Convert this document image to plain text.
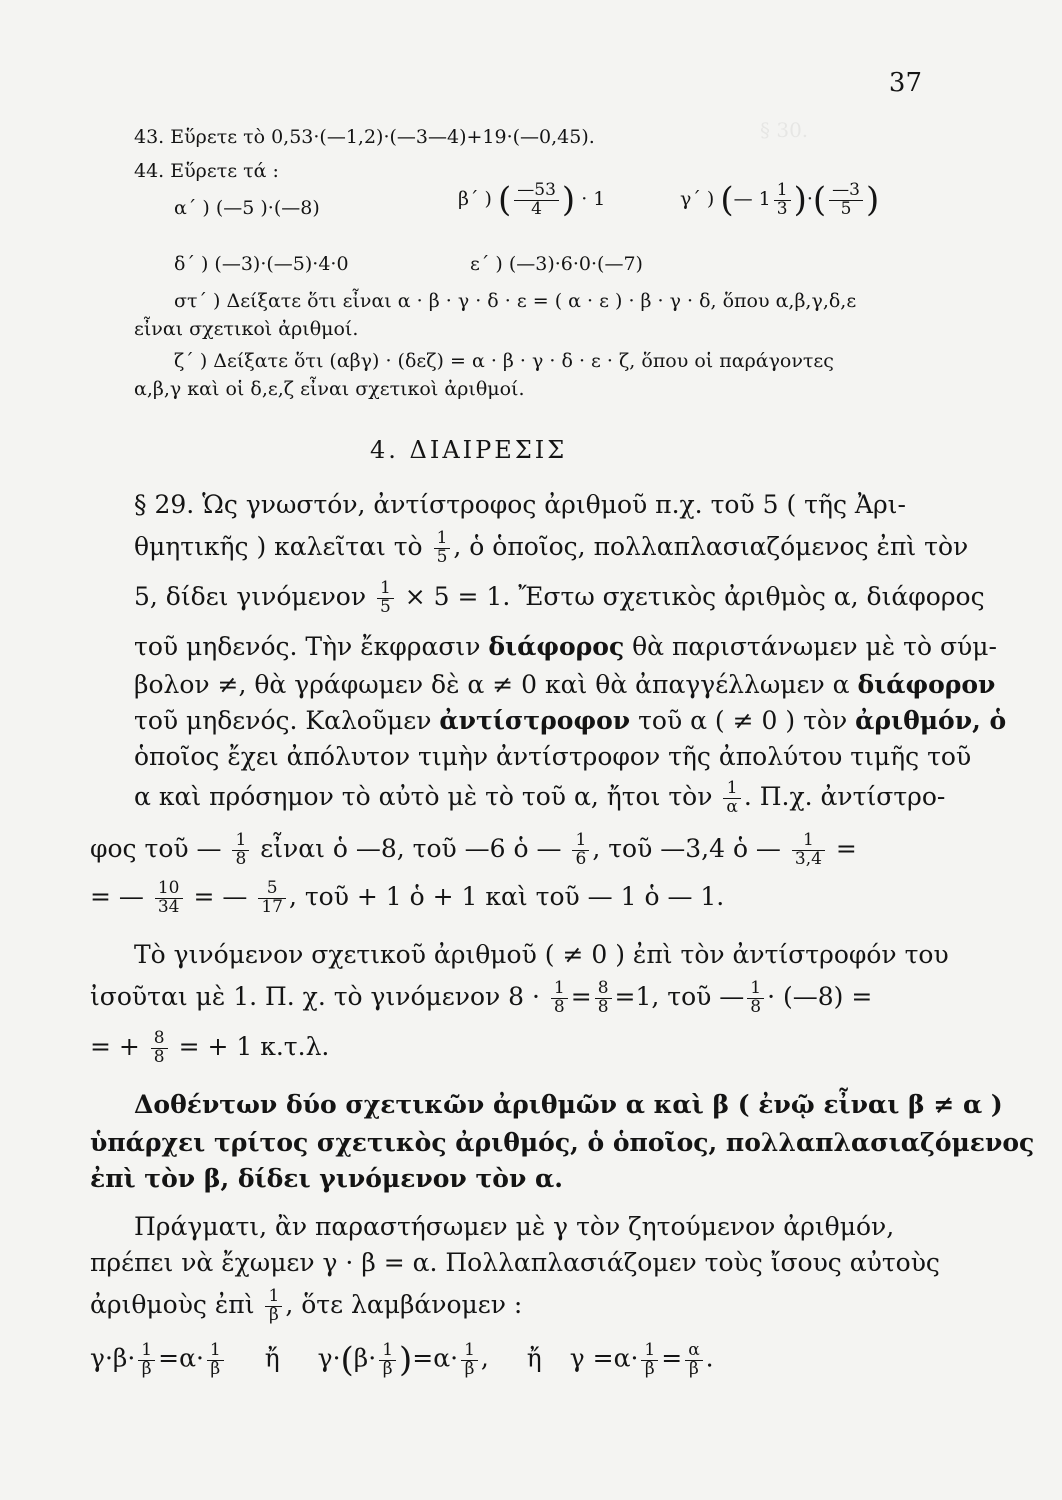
§ 30.
37
43. Εὕρετε τὸ 0,53·(—1,2)·(—3—4)+19·(—0,45).
44. Εὕρετε τά :
α΄ ) (—5 )·(—8)	β΄ ) ( $\frac{—53}{4}$ ) · 1	γ΄ ) (— $1 \frac{1}{3}$ )·( $\frac{—3}{5}$ )
δ΄ ) (—3)·(—5)·4·0	ε΄ ) (—3)·6·0·(—7)
στ΄ ) Δείξατε ὅτι εἶναι α · β · γ · δ · ε = ( α · ε ) · β · γ · δ, ὅπου α,β,γ,δ,ε
εἶναι σχετικοὶ ἀριθμοί.
ζ΄ ) Δείξατε ὅτι (αβγ) · (δεζ) = α · β · γ · δ · ε · ζ, ὅπου οἱ παράγοντες
α,β,γ καὶ οἱ δ,ε,ζ εἶναι σχετικοὶ ἀριθμοί.
4. ΔΙΑΙΡΕΣΙΣ
§ 29. Ὡς γνωστόν, ἀντίστροφος ἀριθμοῦ π.χ. τοῦ 5 ( τῆς Ἀρι-
θμητικῆς ) καλεῖται τὸ $\frac{1}{5}$ , ὁ ὁποῖος, πολλαπλασιαζόμενος ἐπὶ τὸν
5, δίδει γινόμενον $\frac{1}{5} \times 5 = 1$. Ἔστω σχετικὸς ἀριθμὸς α, διάφορος
τοῦ μηδενός. Τὴν ἔκφρασιν διάφορος θὰ παριστάνωμεν μὲ τὸ σύμ-
βολον ≠, θὰ γράφωμεν δὲ α ≠ 0 καὶ θὰ ἀπαγγέλλωμεν α διάφορον
τοῦ μηδενός. Καλοῦμεν ἀντίστροφον τοῦ α ( ≠ 0 ) τὸν ἀριθμόν, ὁ
ὁποῖος ἔχει ἀπόλυτον τιμὴν ἀντίστροφον τῆς ἀπολύτου τιμῆς τοῦ
α καὶ πρόσημον τὸ αὐτὸ μὲ τὸ τοῦ α, ἤτοι τὸν $\frac{1}{\alpha}$ . Π.χ. ἀντίστρο-
φος τοῦ — $\frac{1}{8}$ εἶναι ὁ —8, τοῦ —6 ὁ — $\frac{1}{6}$ , τοῦ —3,4 ὁ — $\frac{1}{3,4}$ =
= — $\frac{10}{34}$ = — $\frac{5}{17}$ , τοῦ + 1 ὁ + 1 καὶ τοῦ — 1 ὁ — 1.
Τὸ γινόμενον σχετικοῦ ἀριθμοῦ ( ≠ 0 ) ἐπὶ τὸν ἀντίστροφόν του
ἰσοῦται μὲ 1. Π. χ. τὸ γινόμενον $8 \cdot \frac{1}{8} = \frac{8}{8} =1$, τοῦ — $\frac{1}{8}$ · (—8) =
= + $\frac{8}{8}$ = + 1 κ.τ.λ.
Δοθέντων δύο σχετικῶν ἀριθμῶν α καὶ β ( ἐνῷ εἶναι β ≠ α )
ὑπάρχει τρίτος σχετικὸς ἀριθμός, ὁ ὁποῖος, πολλαπλασιαζόμενος
ἐπὶ τὸν β, δίδει γινόμενον τὸν α.
Πράγματι, ἂν παραστήσωμεν μὲ γ τὸν ζητούμενον ἀριθμόν,
πρέπει νὰ ἔχωμεν γ · β = α. Πολλαπλασιάζομεν τοὺς ἴσους αὐτοὺς
ἀριθμοὺς ἐπὶ $\frac{1}{\beta}$ , ὅτε λαμβάνομεν :
$\gamma\cdot\beta\cdot \frac{1}{\beta} =\alpha\cdot \frac{1}{\beta}$ ἤ $\gamma\cdot(\beta\cdot \frac{1}{\beta} )=\alpha\cdot \frac{1}{\beta}$ , ἤ $\gamma =\alpha\cdot \frac{1}{\beta} = \frac{\alpha}{\beta}$ .
